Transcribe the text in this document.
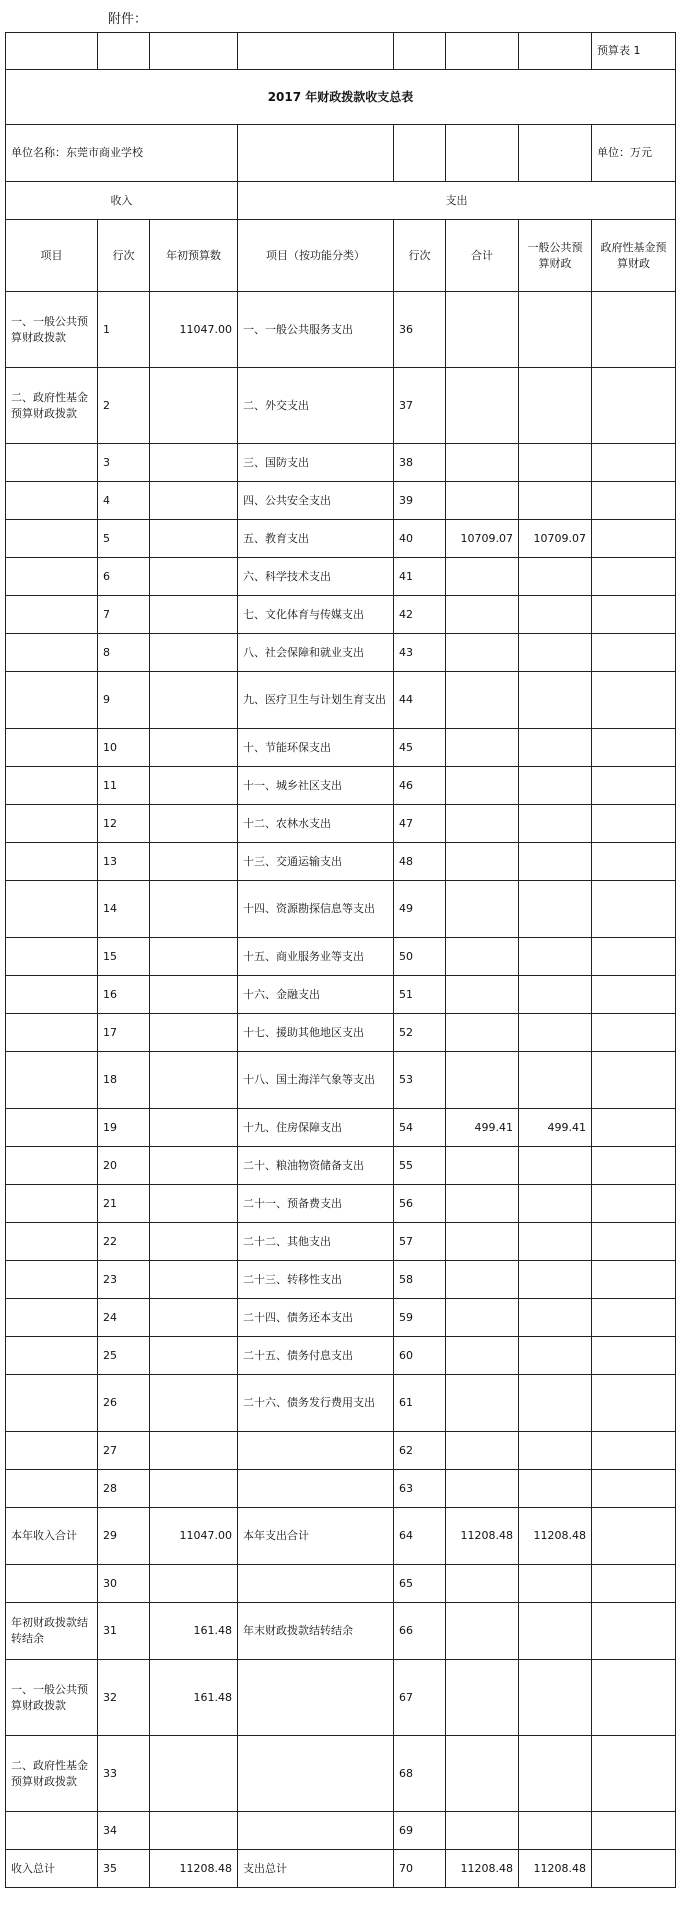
附件：
							预算表 1
2017 年财政拨款收支总表							
单位名称：东莞市商业学校							单位：万元
收入			支出				
项目	行次	年初预算数	项目（按功能分类）	行次	合计	一般公共预算财政	政府性基金预算财政
一、一般公共预算财政拨款	1	11047.00	一、一般公共服务支出	36			
二、政府性基金预算财政拨款	2		二、外交支出	37			
	3		三、国防支出	38			
	4		四、公共安全支出	39			
	5		五、教育支出	40	10709.07	10709.07	
	6		六、科学技术支出	41			
	7		七、文化体育与传媒支出	42			
	8		八、社会保障和就业支出	43			
	9		九、医疗卫生与计划生育支出	44			
	10		十、节能环保支出	45			
	11		十一、城乡社区支出	46			
	12		十二、农林水支出	47			
	13		十三、交通运输支出	48			
	14		十四、资源勘探信息等支出	49			
	15		十五、商业服务业等支出	50			
	16		十六、金融支出	51			
	17		十七、援助其他地区支出	52			
	18		十八、国土海洋气象等支出	53			
	19		十九、住房保障支出	54	499.41	499.41	
	20		二十、粮油物资储备支出	55			
	21		二十一、预备费支出	56			
	22		二十二、其他支出	57			
	23		二十三、转移性支出	58			
	24		二十四、债务还本支出	59			
	25		二十五、债务付息支出	60			
	26		二十六、债务发行费用支出	61			
	27			62			
	28			63			
本年收入合计	29	11047.00	本年支出合计	64	11208.48	11208.48	
	30			65			
年初财政拨款结转结余	31	161.48	年末财政拨款结转结余	66			
一、一般公共预算财政拨款	32	161.48		67			
二、政府性基金预算财政拨款	33			68			
	34			69			
收入总计	35	11208.48	支出总计	70	11208.48	11208.48	
